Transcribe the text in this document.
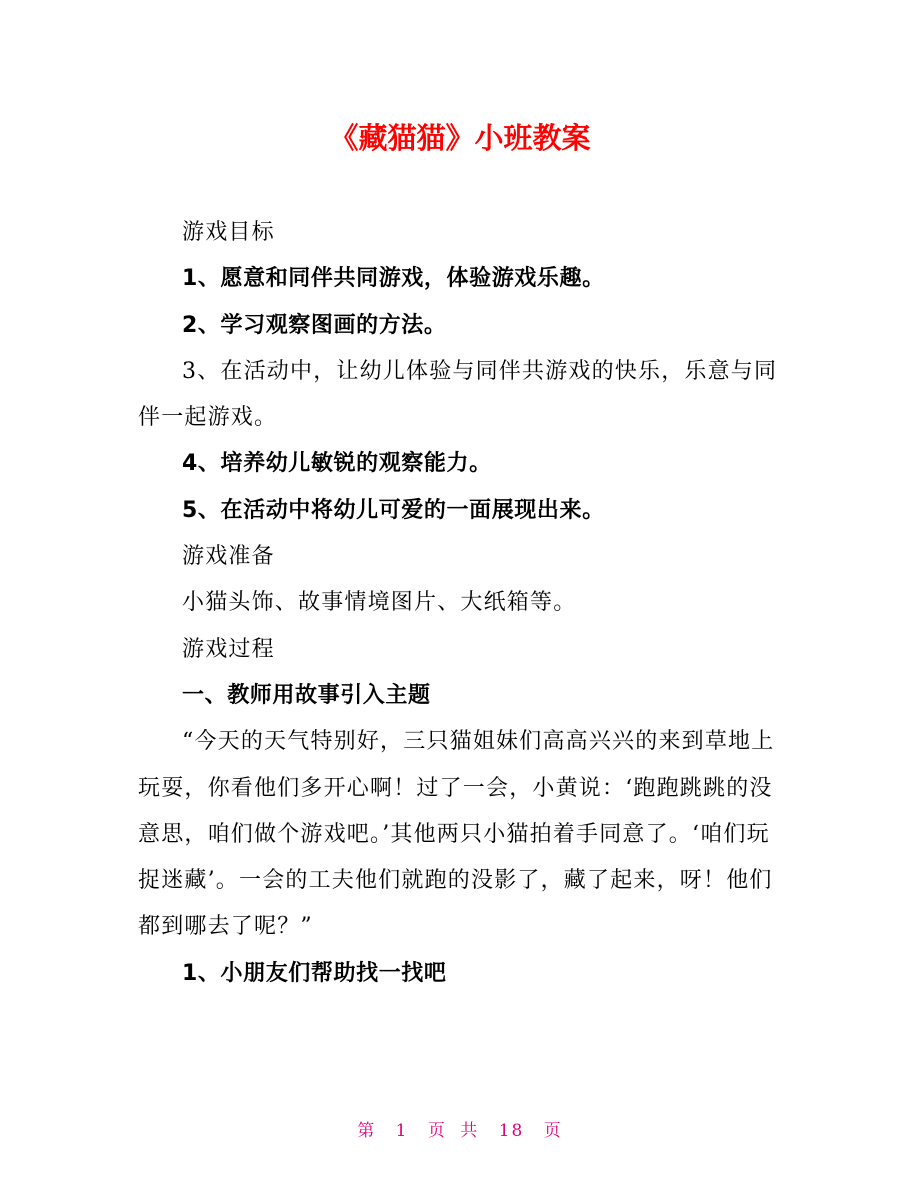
《藏猫猫》小班教案

游戏目标

1、愿意和同伴共同游戏，体验游戏乐趣。

2、学习观察图画的方法。

3、在活动中，让幼儿体验与同伴共游戏的快乐，乐意与同伴一起游戏。

4、培养幼儿敏锐的观察能力。

5、在活动中将幼儿可爱的一面展现出来。

游戏准备

小猫头饰、故事情境图片、大纸箱等。

游戏过程

一、教师用故事引入主题

“今天的天气特别好，三只猫姐妹们高高兴兴的来到草地上玩耍，你看他们多开心啊！过了一会，小黄说：‘跑跑跳跳的没意思，咱们做个游戏吧。’其他两只小猫拍着手同意了。‘咱们玩捉迷藏’。一会的工夫他们就跑的没影了，藏了起来，呀！他们都到哪去了呢？”

1、小朋友们帮助找一找吧

第 1 页 共 18 页
